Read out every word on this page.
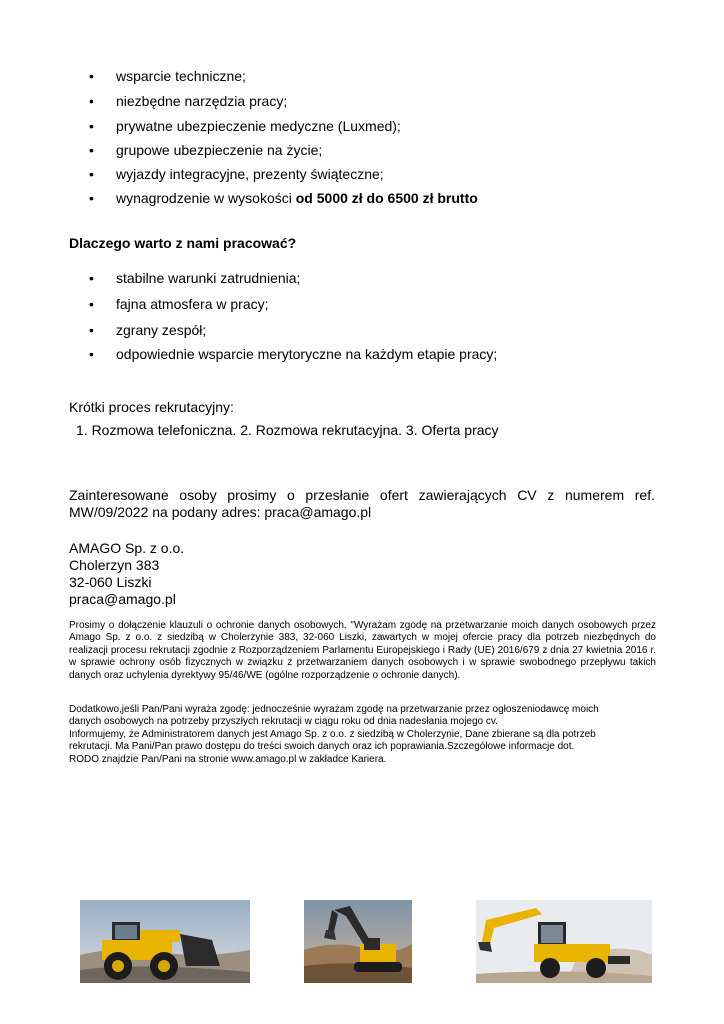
• wsparcie techniczne;
• niezbędne narzędzia pracy;
• prywatne ubezpieczenie medyczne (Luxmed);
• grupowe ubezpieczenie na życie;
• wyjazdy integracyjne, prezenty świąteczne;
• wynagrodzenie w wysokości od 5000 zł do 6500 zł brutto
Dlaczego warto z nami pracować?
• stabilne warunki zatrudnienia;
• fajna atmosfera w pracy;
• zgrany zespół;
• odpowiednie wsparcie merytoryczne na każdym etapie pracy;
Krótki proces rekrutacyjny:
1. Rozmowa telefoniczna. 2. Rozmowa rekrutacyjna. 3. Oferta pracy
Zainteresowane osoby prosimy o przesłanie ofert zawierających CV z numerem ref.
MW/09/2022 na podany adres: praca@amago.pl
AMAGO Sp. z o.o.
Cholerzyn 383
32-060 Liszki
praca@amago.pl
Prosimy o dołączenie klauzuli o ochronie danych osobowych. "Wyrażam zgodę na przetwarzanie moich danych osobowych przez Amago Sp. z o.o. z siedzibą w Cholerzynie 383, 32-060 Liszki, zawartych w mojej ofercie pracy dla potrzeb niezbędnych do realizacji procesu rekrutacji zgodnie z Rozporządzeniem Parlamentu Europejskiego i Rady (UE) 2016/679 z dnia 27 kwietnia 2016 r. w sprawie ochrony osób fizycznych w związku z przetwarzaniem danych osobowych i w sprawie swobodnego przepływu takich danych oraz uchylenia dyrektywy 95/46/WE (ogólne rozporządzenie o ochronie danych).
Dodatkowo,jeśli Pan/Pani wyraża zgodę: jednocześnie wyrażam zgodę na przetwarzanie przez ogłoszeniodawcę moich
danych osobowych na potrzeby przyszłych rekrutacji w ciągu roku od dnia nadesłania mojego cv.
Informujemy, że Administratorem danych jest Amago Sp. z o.o. z siedzibą w Cholerzynie, Dane zbierane są dla potrzeb
rekrutacji. Ma Pani/Pan prawo dostępu do treści swoich danych oraz ich poprawiania.Szczegółowe informacje dot.
RODO znajdzie Pan/Pani na stronie www.amago.pl w zakładce Kariera.
